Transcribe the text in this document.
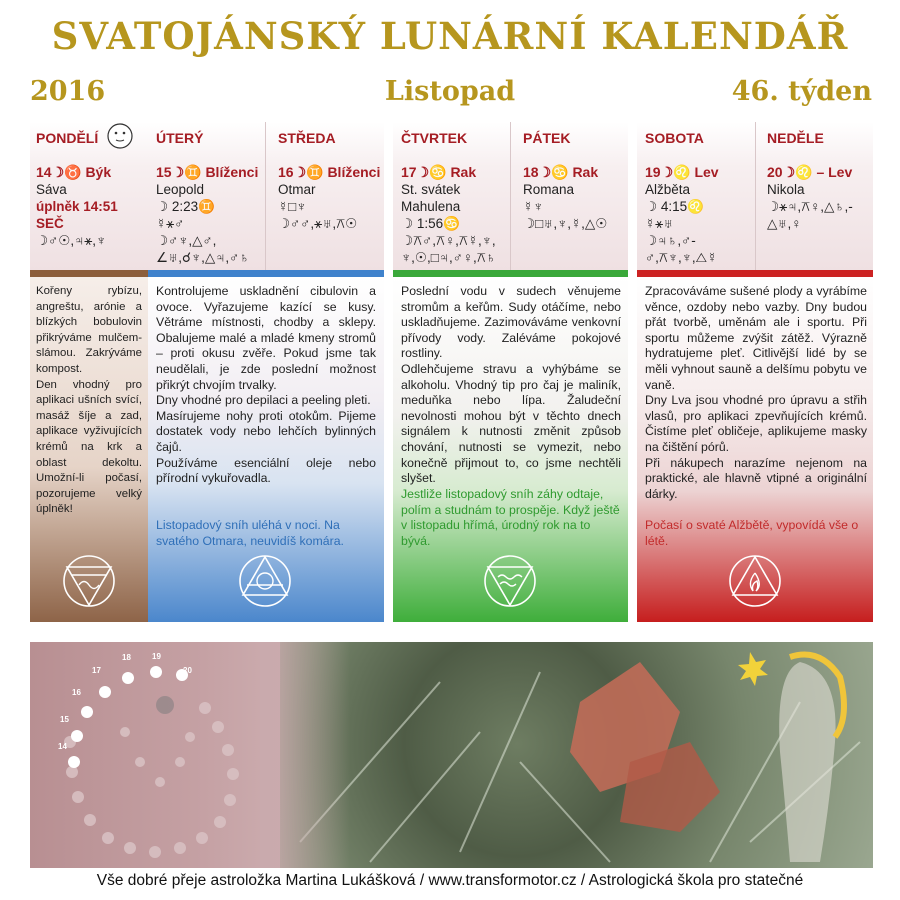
SVATOJÁNSKÝ LUNÁRNÍ KALENDÁŘ
2016	Listopad	46. týden
PONDĚLÍ
14☽♉ Býk
Sáva
úplněk 14:51
SEČ
☽♂☉,♃⚹,♆
ÚTERÝ
15☽♊ Blíženci
Leopold
☽ 2:23♊
☿⚹♂
☽♂♆,△♂,
∠♅,☌♆,△♃,♂♄
STŘEDA
16☽♊ Blíženci
Otmar
☿□♆
☽♂♂,⚹♅,⚻☉
ČTVRTEK
17☽♋ Rak
St. svátek
Mahulena
☽ 1:56♋
☽⚻♂,⚻♀,⚻☿,♆,
♆,☉,□♃,♂♀,⚻♄
PÁTEK
18☽♋ Rak
Romana
☿♆
☽□♅,♆,☿,△☉
SOBOTA
19☽♌ Lev
Alžběta
☽ 4:15♌
☿⚹♅
☽♃♄,♂-
♂,⚻♆,♆,△☿
NEDĚLE
20☽♌ – Lev
Nikola
☽⚹♃,⚻♀,△♄,-
△♅,♀

Kořeny rybízu, angreštu, arónie a blízkých bobulovin přikrýváme mulčem-slámou. Zakrýváme kompost.

Den vhodný pro aplikaci ušních svící, masáž šíje a zad, aplikace vyživujících krémů na krk a oblast dekoltu. Umožní-li počasí, pozorujeme velký úplněk!

Kontrolujeme uskladnění cibulovin a ovoce. Vyřazujeme kazící se kusy. Větráme místnosti, chodby a sklepy. Obalujeme malé a mladé kmeny stromů – proti okusu zvěře. Pokud jsme tak neudělali, je zde poslední možnost přikrýt chvojím trvalky.

Dny vhodné pro depilaci a peeling pleti.

Masírujeme nohy proti otokům. Pijeme dostatek vody nebo lehčích bylinných čajů.

Používáme esenciální oleje nebo přírodní vykuřovadla.

Listopadový sníh uléhá v noci. Na svatého Otmara, neuvidíš komára.

Poslední vodu v sudech věnujeme stromům a keřům. Sudy otáčíme, nebo uskladňujeme. Zazimováváme venkovní přívody vody. Zaléváme pokojové rostliny.

Odlehčujeme stravu a vyhýbáme se alkoholu. Vhodný tip pro čaj je maliník, meduňka nebo lípa. Žaludeční nevolnosti mohou být v těchto dnech signálem k nutnosti změnit způsob chování, nutnosti se vymezit, nebo konečně přijmout to, co jsme nechtěli slyšet.

Jestliže listopadový sníh záhy odtaje, polím a studnám to prospěje. Když ještě v listopadu hřímá, úrodný rok na to bývá.

Zpracováváme sušené plody a vyrábíme věnce, ozdoby nebo vazby. Dny budou přát tvorbě, uměnám ale i sportu. Při sportu můžeme zvýšit zátěž. Výrazně hydratujeme pleť. Citlivější lidé by se měli vyhnout sauně a delšímu pobytu ve vaně.

Dny Lva jsou vhodné pro úpravu a střih vlasů, pro aplikaci zpevňujících krémů. Čistíme pleť obličeje, aplikujeme masky na čištění pórů.

Při nákupech narazíme nejenom na praktické, ale hlavně vtipné a originální dárky.

Počasí o svaté Alžbětě, vypovídá vše o létě.
14
15
16
17
18	19
20
Vše dobré přeje astroložka Martina Lukášková / www.transformotor.cz / Astrologická škola pro statečné
